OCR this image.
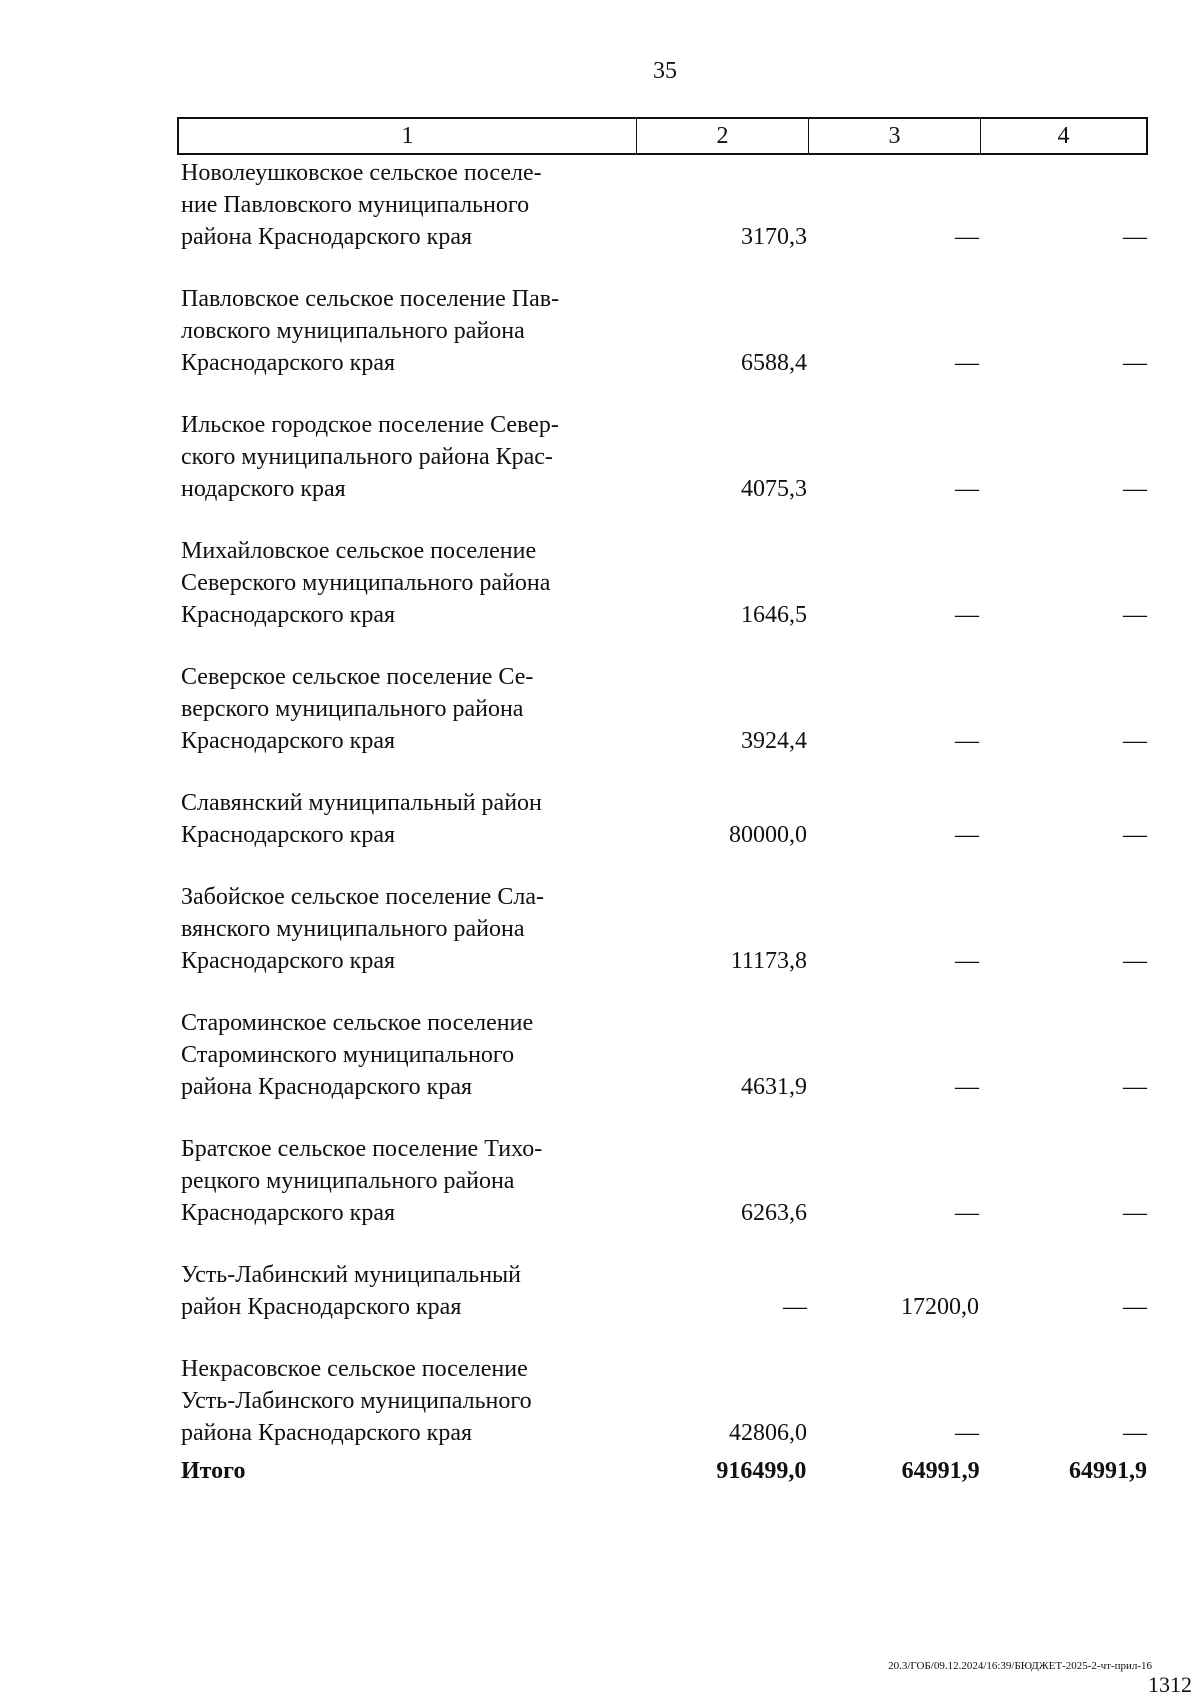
35
1	2	3	4
Новолеушковское сельское поселе-
ние Павловского муниципального
района Краснодарского края	3170,3	—	—
Павловское сельское поселение Пав-
ловского муниципального района
Краснодарского края	6588,4	—	—
Ильское городское поселение Север-
ского муниципального района Крас-
нодарского края	4075,3	—	—
Михайловское сельское поселение
Северского муниципального района
Краснодарского края	1646,5	—	—
Северское сельское поселение Се-
верского муниципального района
Краснодарского края	3924,4	—	—
Славянский муниципальный район
Краснодарского края	80000,0	—	—
Забойское сельское поселение Сла-
вянского муниципального района
Краснодарского края	11173,8	—	—
Староминское сельское поселение
Староминского муниципального
района Краснодарского края	4631,9	—	—
Братское сельское поселение Тихо-
рецкого муниципального района
Краснодарского края	6263,6	—	—
Усть-Лабинский муниципальный
район Краснодарского края	—	17200,0	—
Некрасовское сельское поселение
Усть-Лабинского муниципального
района Краснодарского края	42806,0	—	—
Итого	916499,0	64991,9	64991,9
20.3/ГОБ/09.12.2024/16:39/БЮДЖЕТ-2025-2-чт-прил-16
1312
